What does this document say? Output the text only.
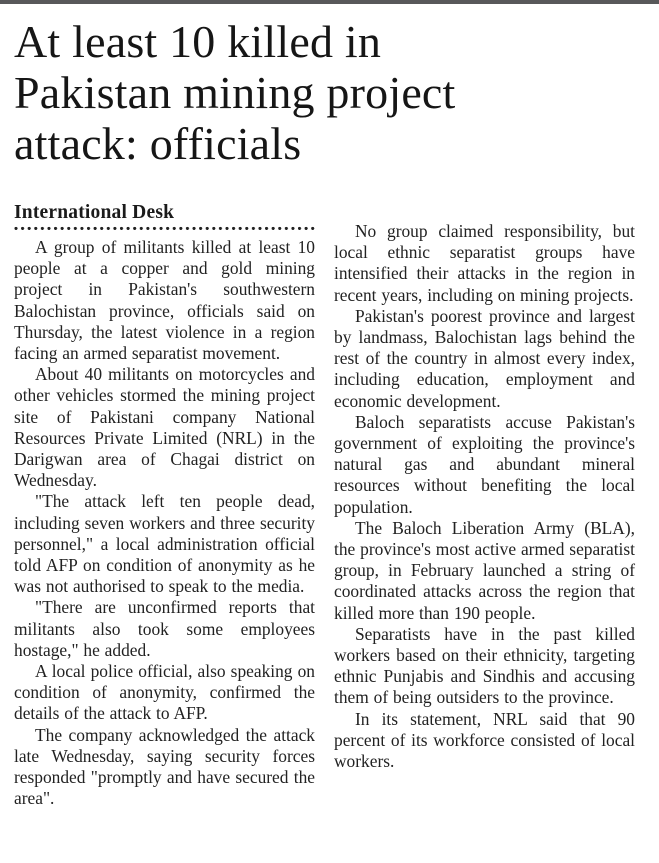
At least 10 killed in
Pakistan mining project
attack: officials
International Desk

A group of militants killed at least 10 people at a copper and gold mining project in Pakistan's southwestern Balochistan province, officials said on Thursday, the latest violence in a region facing an armed separatist movement.

About 40 militants on motorcycles and other vehicles stormed the mining project site of Pakistani company National Resources Private Limited (NRL) in the Darigwan area of Chagai district on Wednesday.

"The attack left ten people dead, including seven workers and three security personnel," a local administration official told AFP on condition of anonymity as he was not authorised to speak to the media.

"There are unconfirmed reports that militants also took some employees hostage," he added.

A local police official, also speaking on condition of anonymity, confirmed the details of the attack to AFP.

The company acknowledged the attack late Wednesday, saying security forces responded "promptly and have secured the area".

No group claimed responsibility, but local ethnic separatist groups have intensified their attacks in the region in recent years, including on mining projects.

Pakistan's poorest province and largest by landmass, Balochistan lags behind the rest of the country in almost every index, including education, employment and economic development.

Baloch separatists accuse Pakistan's government of exploiting the province's natural gas and abundant mineral resources without benefiting the local population.

The Baloch Liberation Army (BLA), the province's most active armed separatist group, in February launched a string of coordinated attacks across the region that killed more than 190 people.

Separatists have in the past killed workers based on their ethnicity, targeting ethnic Punjabis and Sindhis and accusing them of being outsiders to the province.

In its statement, NRL said that 90 percent of its workforce consisted of local workers.
